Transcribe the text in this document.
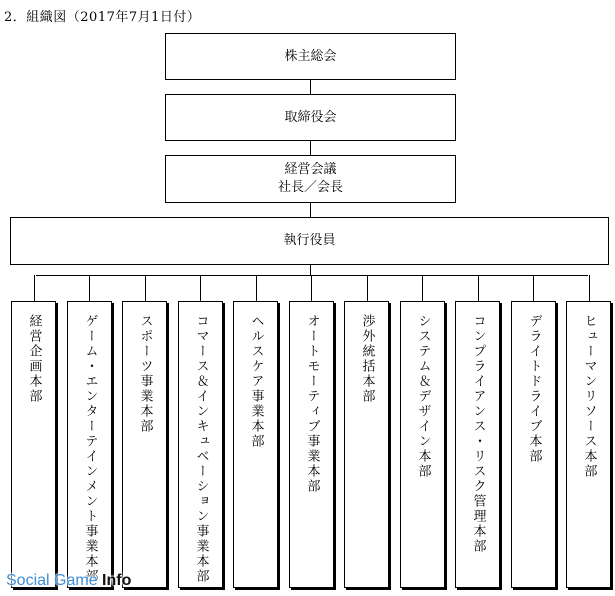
2．組織図（2017年7月1日付）
株主総会
取締役会
経営会議
社長／会長
執行役員
経営企画本部	ゲーム・エンターテインメント事業本部	スポーツ事業本部	コマース＆インキュベーション事業本部	ヘルスケア事業本部	オートモーティブ事業本部	渉外統括本部	システム＆デザイン本部	コンプライアンス・リスク管理本部	デライトドライブ本部	ヒューマンリソース本部
Social Game Info
